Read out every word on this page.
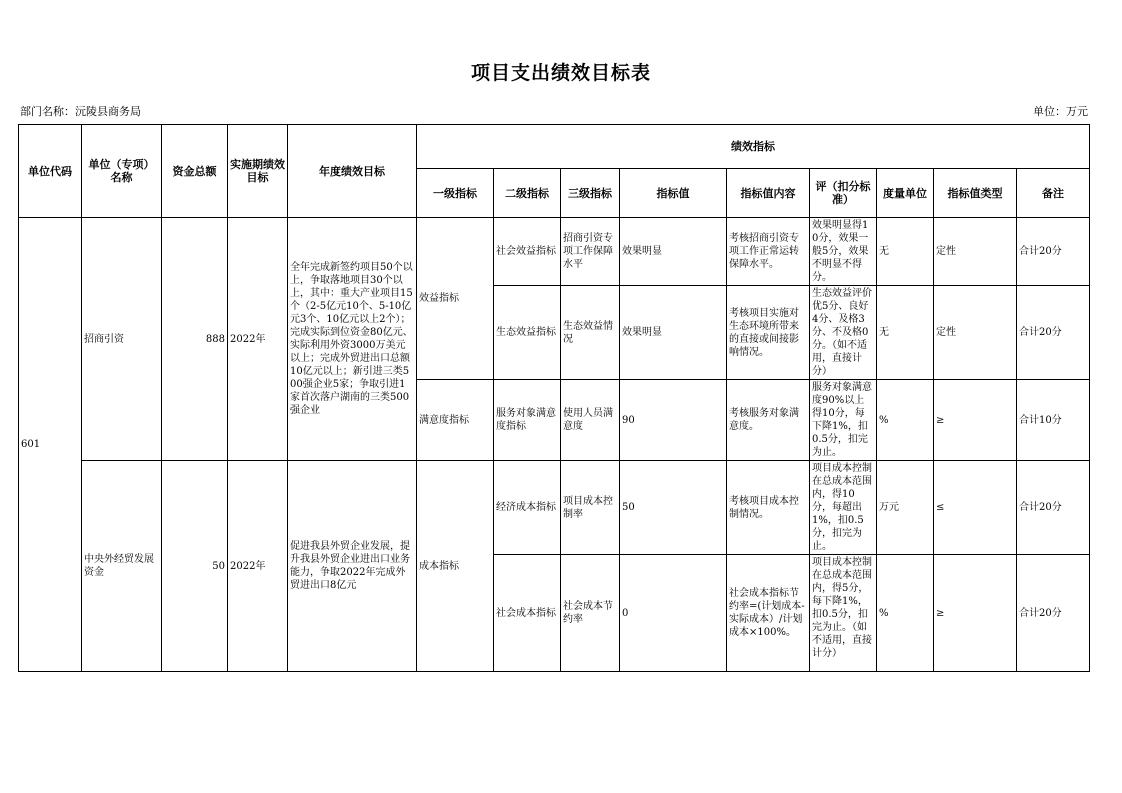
项目支出绩效目标表
部门名称：沅陵县商务局	单位：万元
单位代码	单位（专项）名称	资金总额	实施期绩效目标	年度绩效目标	绩效指标								
					一级指标	二级指标	三级指标	指标值	指标值内容	评（扣分标准）	度量单位	指标值类型	备注
601	招商引资	888	2022年	全年完成新签约项目50个以上，争取落地项目30个以上，其中：重大产业项目15个（2-5亿元10个、5-10亿元3个、10亿元以上2个）；完成实际到位资金80亿元、实际利用外资3000万美元以上；完成外贸进出口总额10亿元以上；新引进三类500强企业5家；争取引进1家首次落户湖南的三类500强企业	效益指标	社会效益指标	招商引资专项工作保障水平	效果明显	考核招商引资专项工作正常运转保障水平。	效果明显得10分，效果一般5分，效果不明显不得分。	无	定性	合计20分
						生态效益指标	生态效益情况	效果明显	考核项目实施对生态环境所带来的直接或间接影响情况。	生态效益评价优5分、良好4分、及格3分、不及格0分。（如不适用，直接计分）	无	定性	合计20分
					满意度指标	服务对象满意度指标	使用人员满意度	90	考核服务对象满意度。	服务对象满意度90%以上得10分，每下降1%，扣0.5分，扣完为止。	%	≥	合计10分
	中央外经贸发展资金	50	2022年	促进我县外贸企业发展，提升我县外贸企业进出口业务能力，争取2022年完成外贸进出口8亿元	成本指标	经济成本指标	项目成本控制率	50	考核项目成本控制情况。	项目成本控制在总成本范围内，得10分，每超出1%，扣0.5分，扣完为止。	万元	≤	合计20分
						社会成本指标	社会成本节约率	0	社会成本指标节约率=(计划成本-实际成本）/计划成本×100%。	项目成本控制在总成本范围内，得5分，每下降1%，扣0.5分，扣完为止。（如不适用，直接计分）	%	≥	合计20分
